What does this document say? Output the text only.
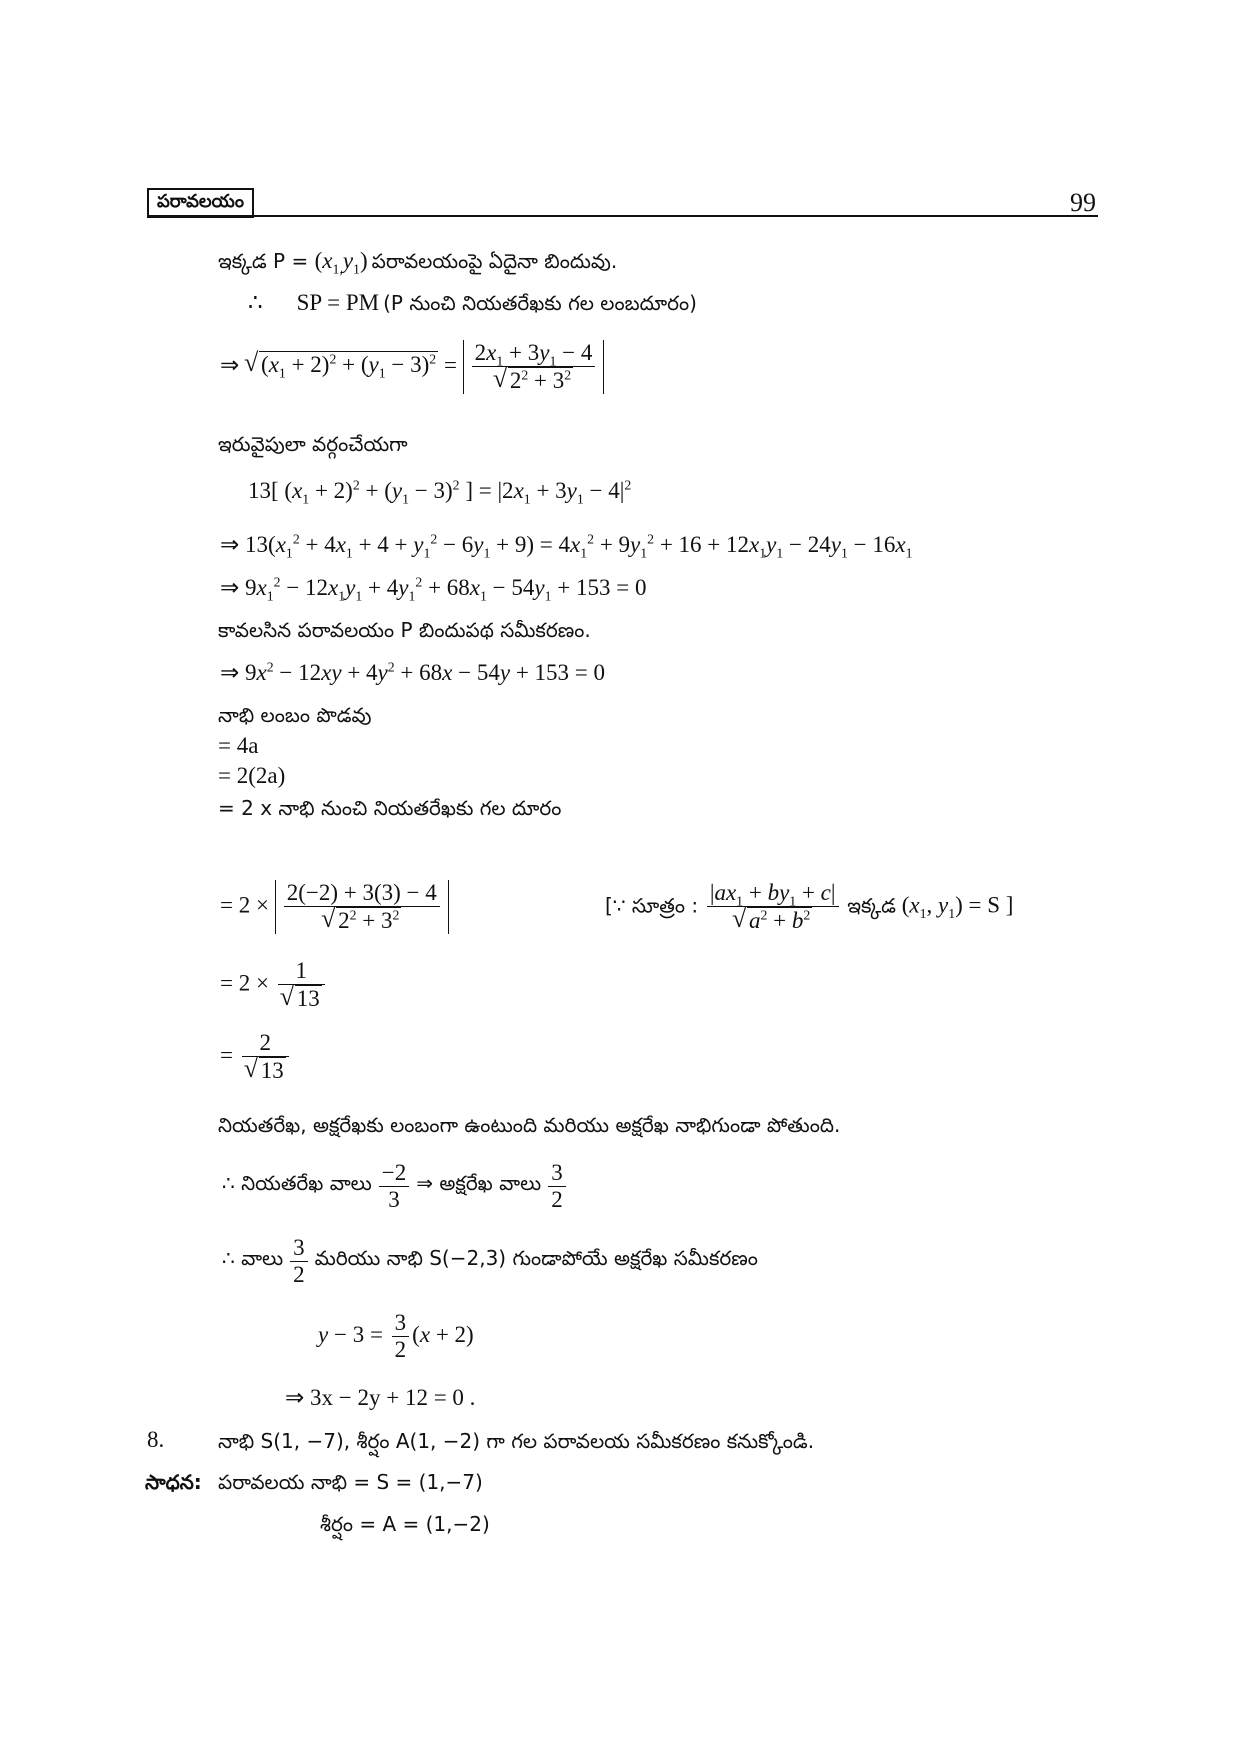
పరావలయం	99
ఇక్కడ $P = (x_{1,}y_1)$ పరావలయంపై ఏదైనా బిందువు.
∴ SP = PM (P నుంచి నియతరేఖకు గల లంబదూరం)
⇒ √ $(x_1 + 2)^2 + (y_1 - 3)^2 = 2x_1 + 3y_1 - 4$
√ $2^2 + 3^2$
ఇరువైపులా వర్గంచేయగా
13[ $(x_1 + 2)^2 + (y_1 - 3)^2$ ] = $|2x_1 + 3y_1 - 4|^2$
⇒ $13(x_1^2 + 4x_1 + 4 + y_1^2 - 6y_1 + 9) = 4x_1^2 + 9y_1^2 + 16 + 12x_1y_1 - 24y_1 - 16x_1$
⇒ $9x_1^2 - 12x_1y_1 + 4y_1^2 + 68x_1 - 54y_1 + 153 = 0$
కావలసిన పరావలయం P బిందుపథ సమీకరణం.
⇒ $9x^2 - 12xy + 4y^2 + 68x - 54y + 153 = 0$
నాభి లంబం పొడవు
= 4a
= 2(2a)
= 2 x నాభి నుంచి నియతరేఖకు గల దూరం
= 2 × 2(−2) + 3(3) − 4
√ $2^2 + 3^2$	[∵ సూత్రం : $|ax_1 + by_1 + c|$
√ $a^2 + b^2$ ఇక్కడ ($x_1$, $y_1) = S$ ]
= 2 × 1
√ 13
= 2
√ 13
నియతరేఖ, అక్షరేఖకు లంబంగా ఉంటుంది మరియు అక్షరేఖ నాభిగుండా పోతుంది.
∴ నియతరేఖ వాలు $\frac{-2}{3}$ ⇒ అక్షరేఖ వాలు $\frac{3}{2}$
∴ వాలు $\frac{3}{2}$ మరియు నాభి S(−2,3) గుండాపోయే అక్షరేఖ సమీకరణం
$y - 3 = \frac{3}{2} (x + 2)$
⇒ 3x − 2y + 12 = 0 .
8.	నాభి S(1, −7), శీర్షం A(1, −2) గా గల పరావలయ సమీకరణం కనుక్కోండి.
సాధన: పరావలయ నాభి = S = (1,−7)
శీర్షం = A = (1,−2)
